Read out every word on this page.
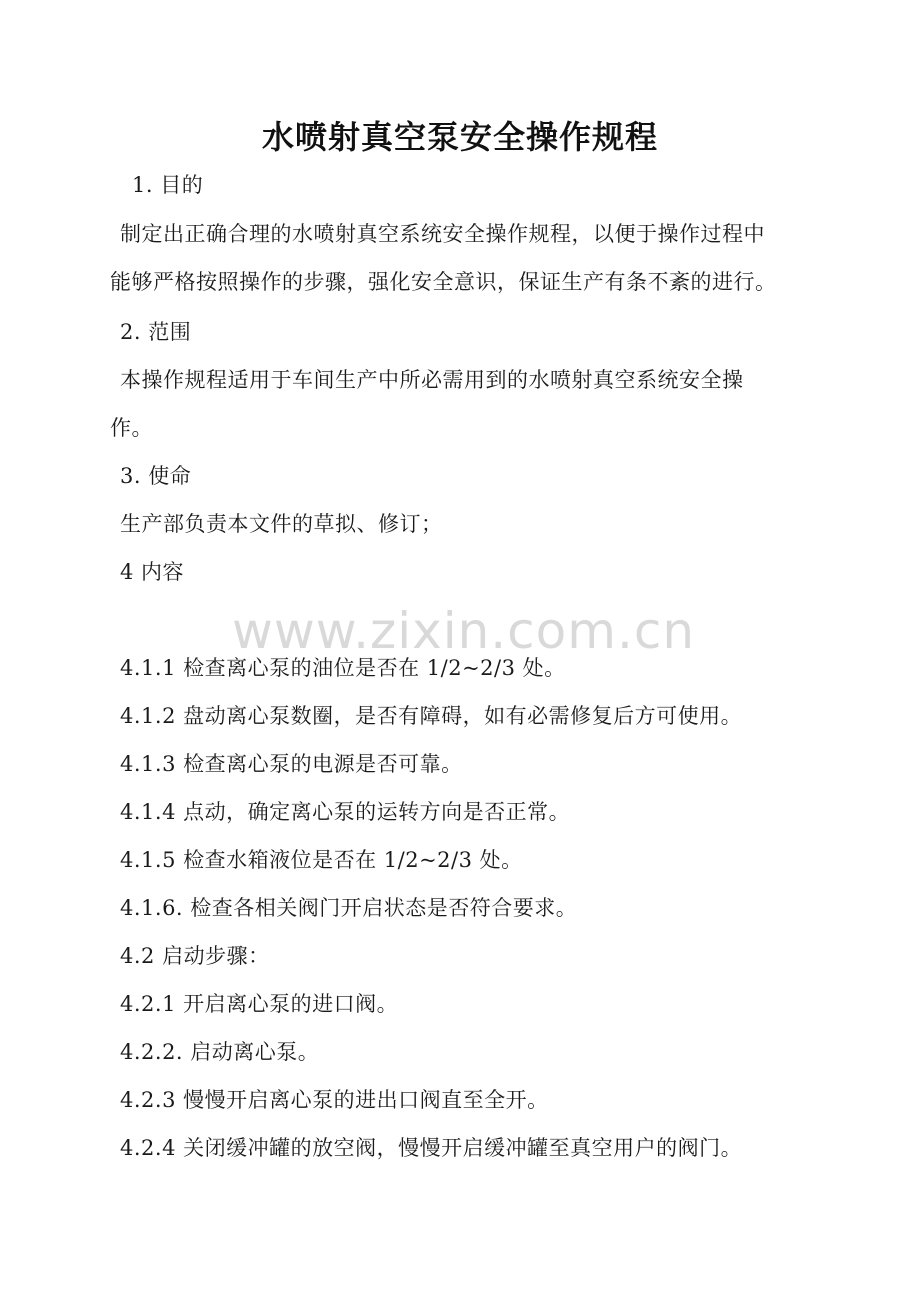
www.zixin.com.cn
水喷射真空泵安全操作规程
1. 目的
制定出正确合理的水喷射真空系统安全操作规程，以便于操作过程中
能够严格按照操作的步骤，强化安全意识，保证生产有条不紊的进行。
2. 范围
本操作规程适用于车间生产中所必需用到的水喷射真空系统安全操
作。
3. 使命
生产部负责本文件的草拟、修订；
4 内容
4.1.1 检查离心泵的油位是否在 1/2~2/3 处。
4.1.2 盘动离心泵数圈，是否有障碍，如有必需修复后方可使用。
4.1.3 检查离心泵的电源是否可靠。
4.1.4 点动，确定离心泵的运转方向是否正常。
4.1.5 检查水箱液位是否在 1/2~2/3 处。
4.1.6. 检查各相关阀门开启状态是否符合要求。
4.2 启动步骤：
4.2.1 开启离心泵的进口阀。
4.2.2. 启动离心泵。
4.2.3 慢慢开启离心泵的进出口阀直至全开。
4.2.4 关闭缓冲罐的放空阀，慢慢开启缓冲罐至真空用户的阀门。
